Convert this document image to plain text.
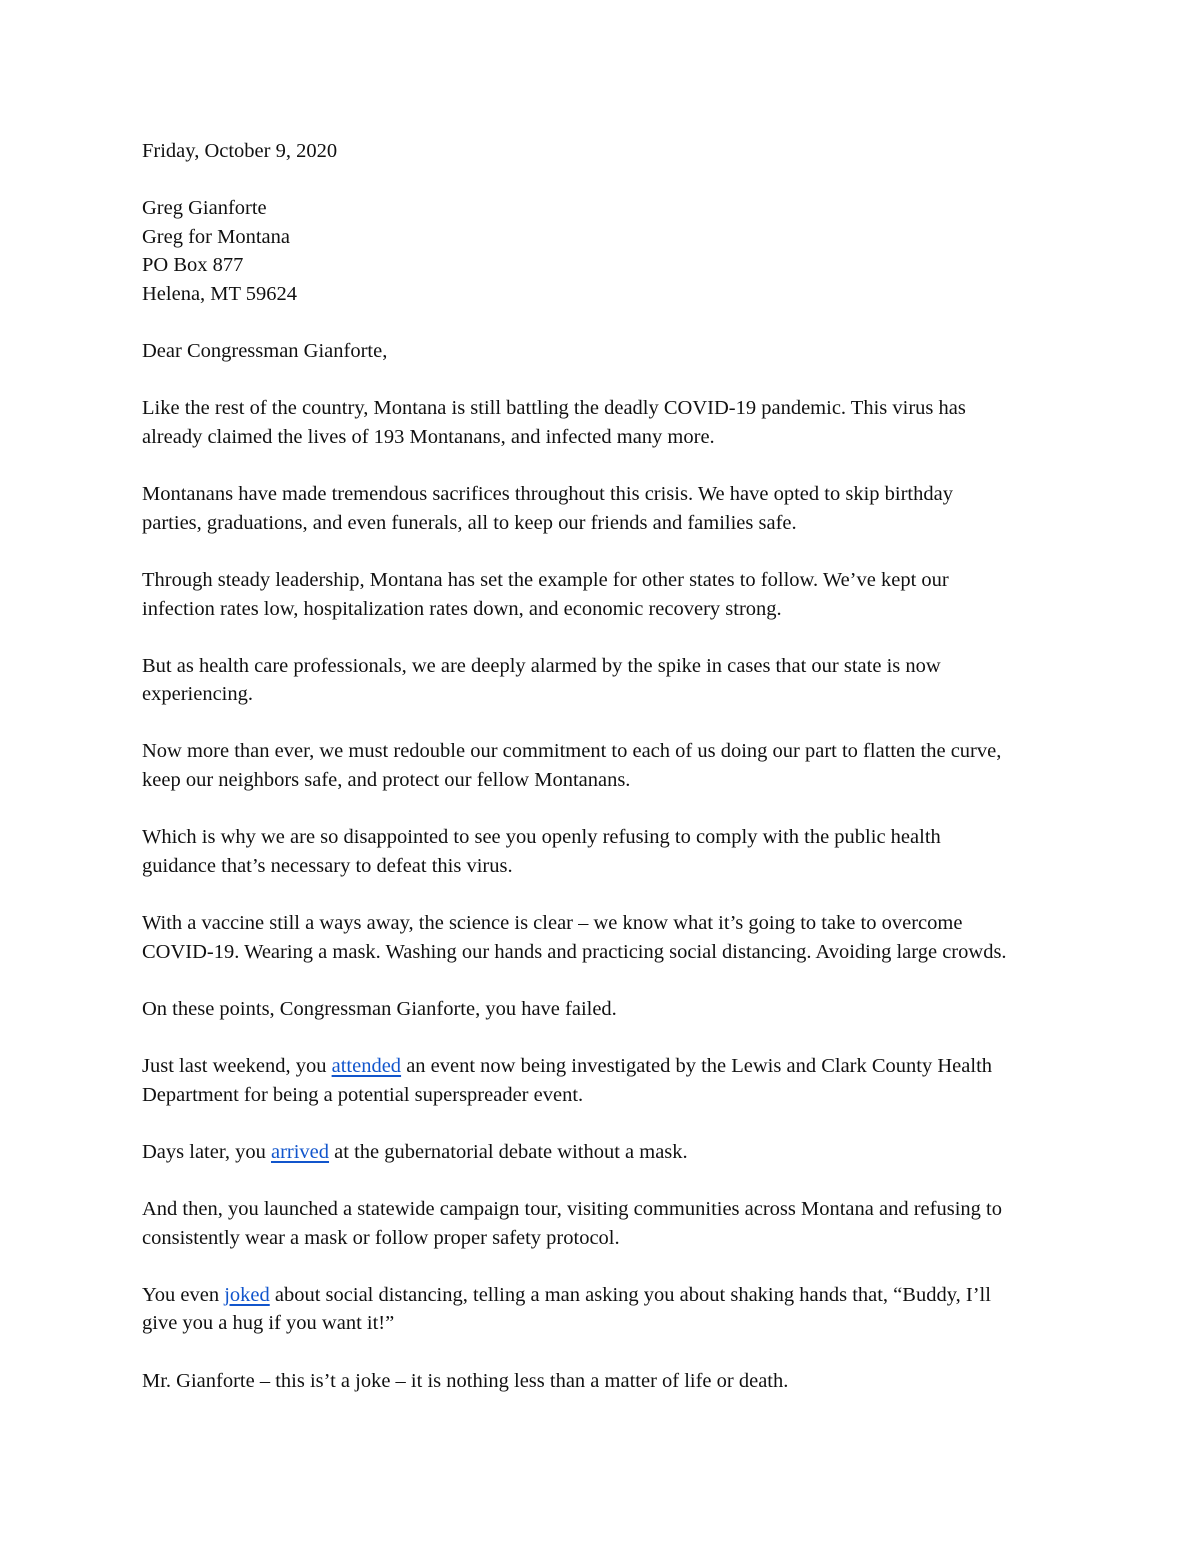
Friday, October 9, 2020
Greg Gianforte
Greg for Montana
PO Box 877
Helena, MT 59624
Dear Congressman Gianforte,
Like the rest of the country, Montana is still battling the deadly COVID-19 pandemic. This virus has
already claimed the lives of 193 Montanans, and infected many more.
Montanans have made tremendous sacrifices throughout this crisis. We have opted to skip birthday
parties, graduations, and even funerals, all to keep our friends and families safe.
Through steady leadership, Montana has set the example for other states to follow. We’ve kept our
infection rates low, hospitalization rates down, and economic recovery strong.
But as health care professionals, we are deeply alarmed by the spike in cases that our state is now
experiencing.
Now more than ever, we must redouble our commitment to each of us doing our part to flatten the curve,
keep our neighbors safe, and protect our fellow Montanans.
Which is why we are so disappointed to see you openly refusing to comply with the public health
guidance that’s necessary to defeat this virus.
With a vaccine still a ways away, the science is clear – we know what it’s going to take to overcome
COVID-19. Wearing a mask. Washing our hands and practicing social distancing. Avoiding large crowds.
On these points, Congressman Gianforte, you have failed.
Just last weekend, you attended an event now being investigated by the Lewis and Clark County Health
Department for being a potential superspreader event.
Days later, you arrived at the gubernatorial debate without a mask.
And then, you launched a statewide campaign tour, visiting communities across Montana and refusing to
consistently wear a mask or follow proper safety protocol.
You even joked about social distancing, telling a man asking you about shaking hands that, “Buddy, I’ll
give you a hug if you want it!”
Mr. Gianforte – this is’t a joke – it is nothing less than a matter of life or death.
